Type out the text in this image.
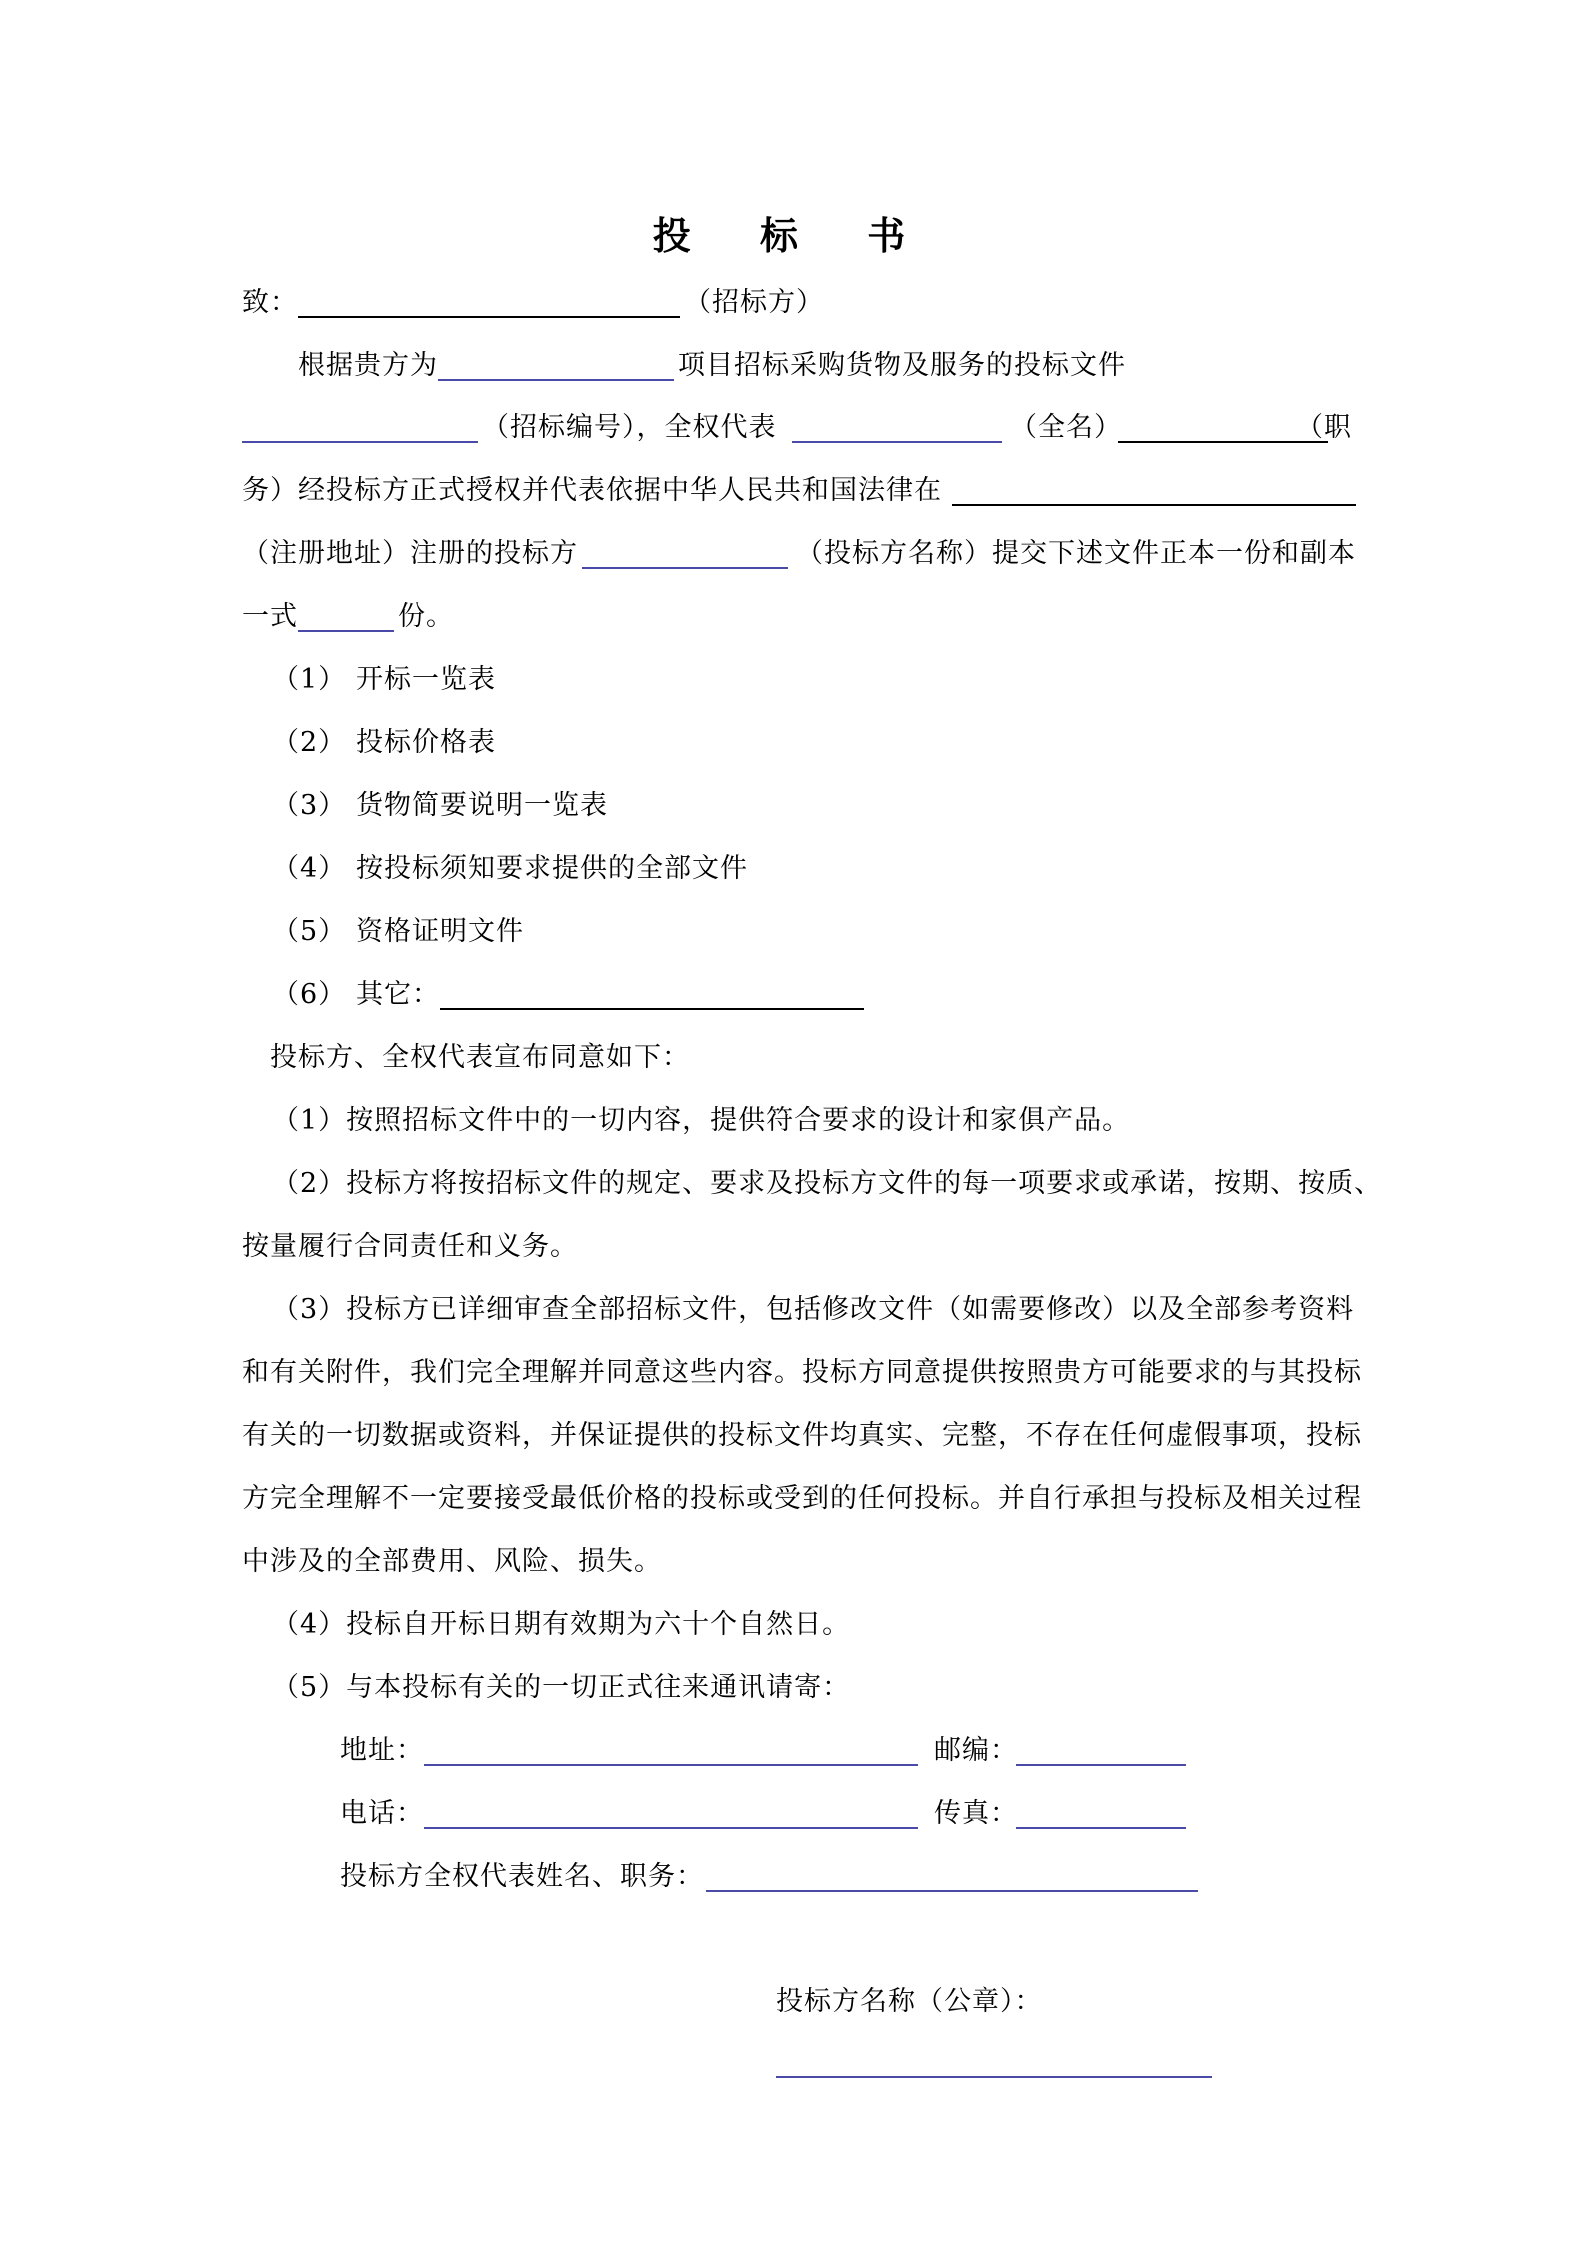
投 标 书
致：	（招标方）
根据贵方为	项目招标采购货物及服务的投标文件
（招标编号），全权代表	（全名）	（职
务）经投标方正式授权并代表依据中华人民共和国法律在
（注册地址）注册的投标方	（投标方名称）提交下述文件正本一份和副本
一式	份。
（1） 开标一览表
（2） 投标价格表
（3） 货物简要说明一览表
（4） 按投标须知要求提供的全部文件
（5） 资格证明文件
（6） 其它：
投标方、全权代表宣布同意如下：
（1）按照招标文件中的一切内容，提供符合要求的设计和家俱产品。
（2）投标方将按招标文件的规定、要求及投标方文件的每一项要求或承诺，按期、按质、
按量履行合同责任和义务。
（3）投标方已详细审查全部招标文件，包括修改文件（如需要修改）以及全部参考资料
和有关附件，我们完全理解并同意这些内容。投标方同意提供按照贵方可能要求的与其投标
有关的一切数据或资料，并保证提供的投标文件均真实、完整，不存在任何虚假事项，投标
方完全理解不一定要接受最低价格的投标或受到的任何投标。并自行承担与投标及相关过程
中涉及的全部费用、风险、损失。
（4）投标自开标日期有效期为六十个自然日。
（5）与本投标有关的一切正式往来通讯请寄：
地址：	邮编：
电话：	传真：
投标方全权代表姓名、职务：
投标方名称（公章）：
